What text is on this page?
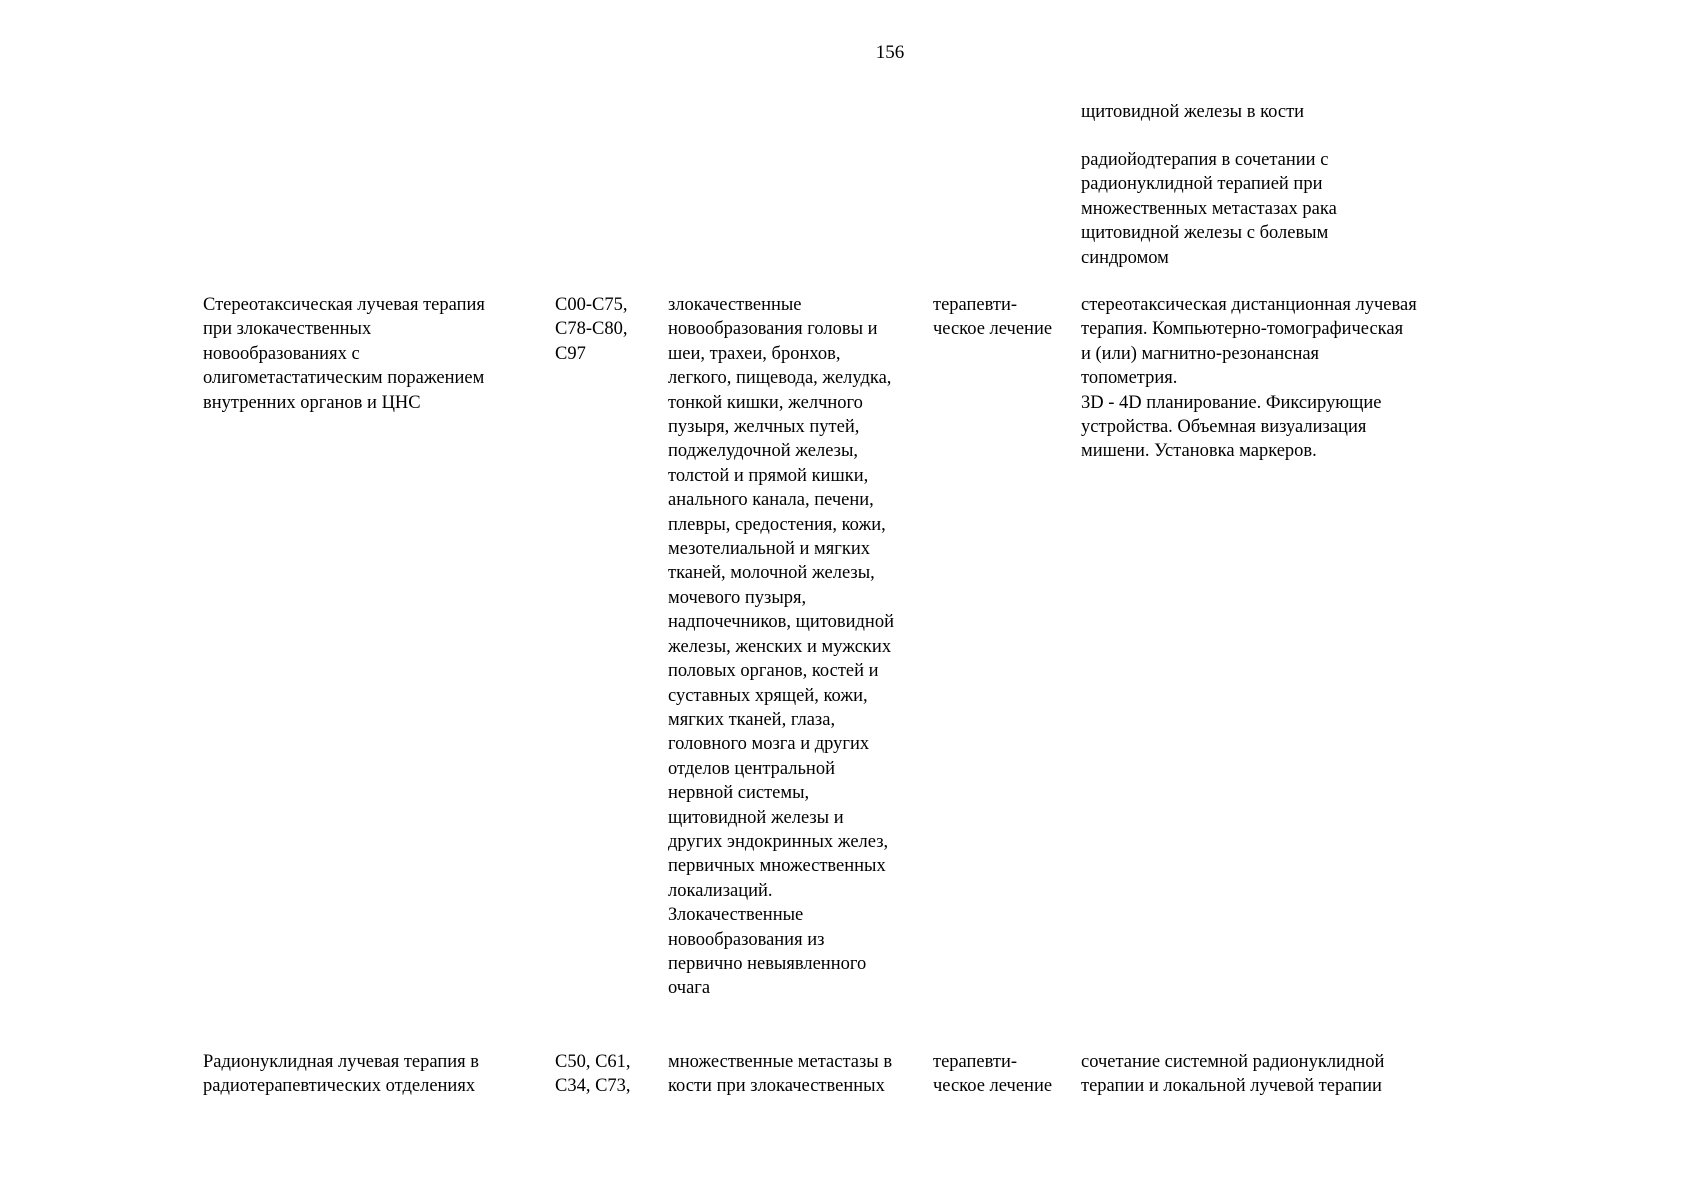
156
щитовидной железы в кости
радиойодтерапия в сочетании с
радионуклидной терапией при
множественных метастазах рака
щитовидной железы с болевым
синдромом
Стереотаксическая лучевая терапия
при злокачественных
новообразованиях с
олигометастатическим поражением
внутренних органов и ЦНС
C00-C75,
C78-C80,
C97
злокачественные
новообразования головы и
шеи, трахеи, бронхов,
легкого, пищевода, желудка,
тонкой кишки, желчного
пузыря, желчных путей,
поджелудочной железы,
толстой и прямой кишки,
анального канала, печени,
плевры, средостения, кожи,
мезотелиальной и мягких
тканей, молочной железы,
мочевого пузыря,
надпочечников, щитовидной
железы, женских и мужских
половых органов, костей и
суставных хрящей, кожи,
мягких тканей, глаза,
головного мозга и других
отделов центральной
нервной системы,
щитовидной железы и
других эндокринных желез,
первичных множественных
локализаций.
Злокачественные
новообразования из
первично невыявленного
очага
терапевти-
ческое лечение
стереотаксическая дистанционная лучевая
терапия. Компьютерно-томографическая
и (или) магнитно-резонансная
топометрия.
3D - 4D планирование. Фиксирующие
устройства. Объемная визуализация
мишени. Установка маркеров.
Радионуклидная лучевая терапия в
радиотерапевтических отделениях
C50, C61,
C34, C73,
множественные метастазы в
кости при злокачественных
терапевти-
ческое лечение
сочетание системной радионуклидной
терапии и локальной лучевой терапии
